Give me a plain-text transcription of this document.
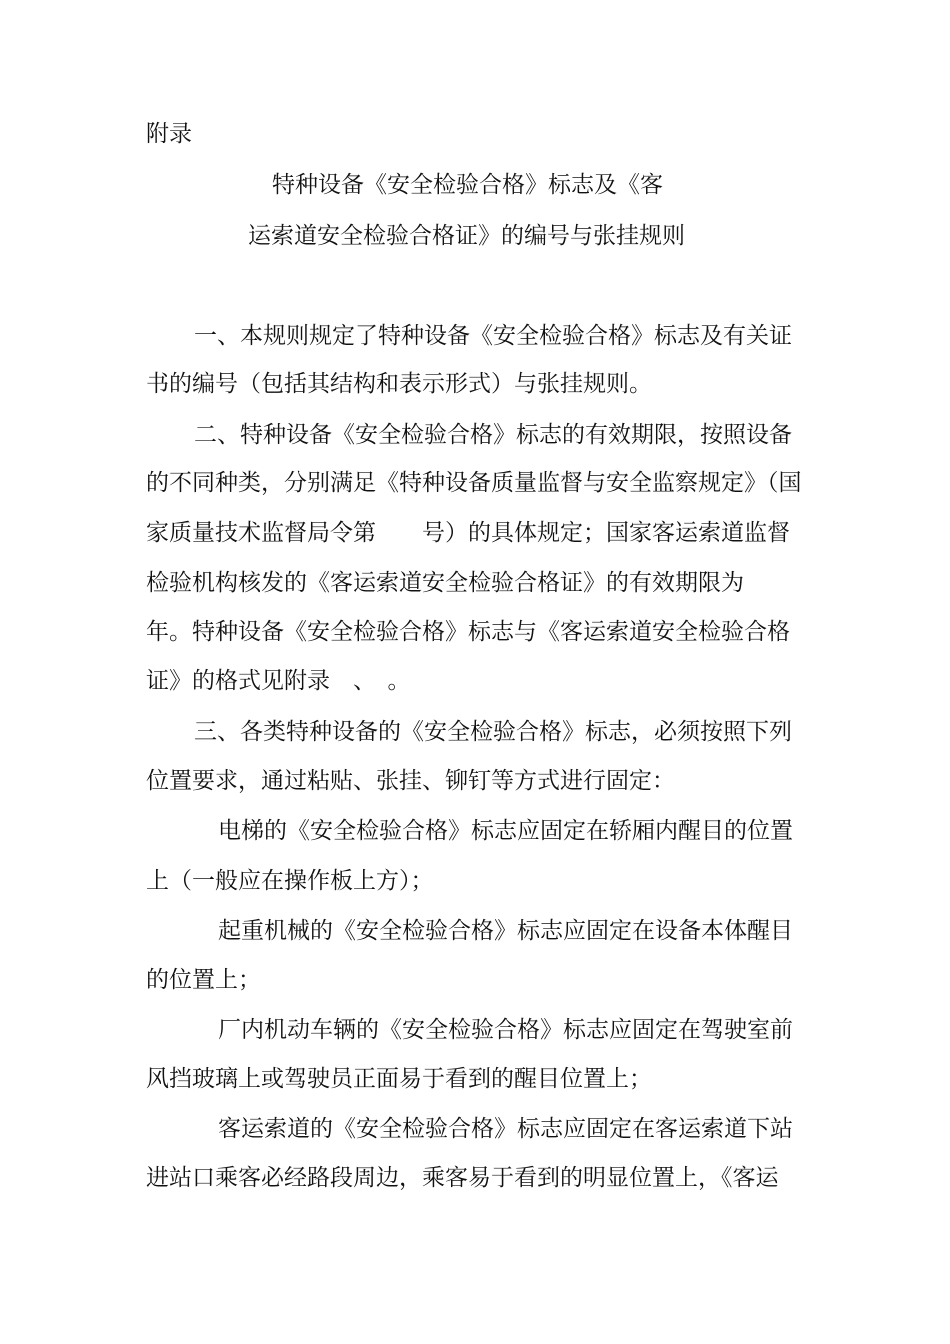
附录
特种设备《安全检验合格》标志及《客
运索道安全检验合格证》的编号与张挂规则
一、本规则规定了特种设备《安全检验合格》标志及有关证
书的编号（包括其结构和表示形式）与张挂规则。
二、特种设备《安全检验合格》标志的有效期限，按照设备
的不同种类，分别满足《特种设备质量监督与安全监察规定》（国
家质量技术监督局令第　　号）的具体规定；国家客运索道监督
检验机构核发的《客运索道安全检验合格证》的有效期限为
年。特种设备《安全检验合格》标志与《客运索道安全检验合格
证》的格式见附录　、　。
三、各类特种设备的《安全检验合格》标志，必须按照下列
位置要求，通过粘贴、张挂、铆钉等方式进行固定：
电梯的《安全检验合格》标志应固定在轿厢内醒目的位置
上（一般应在操作板上方）；
起重机械的《安全检验合格》标志应固定在设备本体醒目
的位置上；
厂内机动车辆的《安全检验合格》标志应固定在驾驶室前
风挡玻璃上或驾驶员正面易于看到的醒目位置上；
客运索道的《安全检验合格》标志应固定在客运索道下站
进站口乘客必经路段周边，乘客易于看到的明显位置上，《客运
